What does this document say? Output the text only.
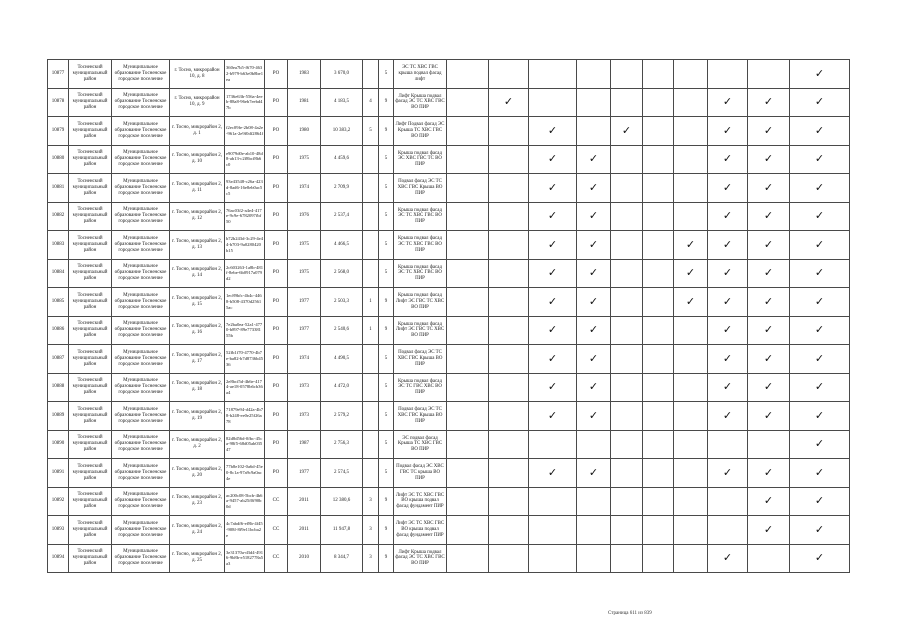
10877	Тосненский муниципальный район	Муниципальное образование Тосненское городское поселение	г. Тосно, микрорайон 10, д. 8	360ea7b5-f670-4632-b979-b63e0b8be1ea	РО	1983	3 670,0		5	ЭС ТС ХВС ГВС крыша подвал фасад лифт										✓
10878	Тосненский муниципальный район	Муниципальное образование Тосненское городское поселение	г. Тосно, микрорайон 10, д. 9	1736e63b-556a-4eeb-88a8-96eb7eebd47b	РО	1981	4 183,5	4	9	Лифт Крыша подвал фасад ЭС ТС ХВС ГВС ВО ПИР		✓						✓	✓	✓
10879	Тосненский муниципальный район	Муниципальное образование Тосненское городское поселение	г. Тосно, микрорайон 2, д. 1	f2ec09fe-2b08-4a2e-961a-2e9f0df2864f	РО	1980	10 383,2	5	9	Лифт Подвал фасад ЭС Крыша ТС ХВС ГВС ВО ПИР			✓		✓			✓	✓	✓
10880	Тосненский муниципальный район	Муниципальное образование Тосненское городское поселение	г. Тосно, микрорайон 2, д. 10	e9079d0e-ab10-48d8-ab13-c2f8bcf8b6c0	РО	1975	4 459,6		5	Крыша подвал фасад ЭС ХВС ГВС ТС ВО ПИР			✓	✓				✓	✓	✓
10881	Тосненский муниципальный район	Муниципальное образование Тосненское городское поселение	г. Тосно, микрорайон 2, д. 11	93e43548-c26a-423d-8ad6-16e8eb0ac5c5	РО	1974	2 709,9		5	Подвал фасад ЭС ТС ХВС ГВС Крыша ВО ПИР			✓	✓				✓	✓	✓
10882	Тосненский муниципальный район	Муниципальное образование Тосненское городское поселение	г. Тосно, микрорайон 2, д. 12	76ac03f2-a4e4-417e-9c9e-6782097fbf50	РО	1976	2 537,4		5	Крыша подвал фасад ЭС ТС ХВС ГВС ВО ПИР			✓	✓				✓	✓	✓
10883	Тосненский муниципальный район	Муниципальное образование Тосненское городское поселение	г. Тосно, микрорайон 2, д. 13	b72b243d-3c29-4e44-b703-9a0280420b15	РО	1975	4 466,5		5	Крыша подвал фасад ЭС ТС ХВС ГВС ВО ПИР			✓	✓			✓	✓	✓	✓
10884	Тосненский муниципальный район	Муниципальное образование Тосненское городское поселение	г. Тосно, микрорайон 2, д. 14	2c603263-1a8b-481f-8ebe-6b0917a079d2	РО	1975	2 568,0		5	Крыша подвал фасад ЭС ТС ХВС ГВС ВО ПИР			✓	✓			✓	✓	✓	✓
10885	Тосненский муниципальный район	Муниципальное образование Тосненское городское поселение	г. Тосно, микрорайон 2, д. 15	1ec89bfc-4b4c-4468-b508-4370d25615ac	РО	1977	2 503,3	1	9	Крыша подвал фасад Лифт ЭС ГВС ТС ХВС ВО ПИР			✓	✓			✓	✓	✓	✓
10886	Тосненский муниципальный район	Муниципальное образование Тосненское городское поселение	г. Тосно, микрорайон 2, д. 16	7e2ba0ea-52a1-4770-b897-89e77338155b	РО	1977	2 540,6	1	9	Крыша подвал фасад Лифт ЭС ГВС ТС ХВС ВО ПИР			✓	✓				✓	✓	✓
10887	Тосненский муниципальный район	Муниципальное образование Тосненское городское поселение	г. Тосно, микрорайон 2, д. 17	52fb1f70-4770-4b7e-ba82-b7d8736b4536	РО	1974	4 490,5		5	Подвал фасад ЭС ТС ХВС ГВС Крыша ВО ПИР			✓	✓				✓	✓	✓
10888	Тосненский муниципальный район	Муниципальное образование Тосненское городское поселение	г. Тосно, микрорайон 2, д. 18	2e8bcf5d-4b6e-4174-ae18-0578b6cb36a4	РО	1973	4 472,0		5	Крыша подвал фасад ЭС ТС ГВС ХВС ВО ПИР			✓	✓				✓	✓	✓
10889	Тосненский муниципальный район	Муниципальное образование Тосненское городское поселение	г. Тосно, микрорайон 2, д. 19	71879e94-d42a-4b78-b248-ee0e25f26a78	РО	1973	2 579,2		5	Подвал фасад ЭС ТС ХВС ГВС Крыша ВО ПИР			✓	✓				✓	✓	✓
10890	Тосненский муниципальный район	Муниципальное образование Тосненское городское поселение	г. Тосно, микрорайон 2, д. 2	82d8d56d-0fbc-45ca-98f5-68d05ab03547	РО	1987	2 756,3		5	ЭС подвал фасад Крыша ТС ХВС ГВС ВО ПИР										✓
10891	Тосненский муниципальный район	Муниципальное образование Тосненское городское поселение	г. Тосно, микрорайон 2, д. 20	77b8e102-0a6d-45e0-8c1a-97a9c9a0ac4e	РО	1977	2 574,5		5	Подвал фасад ЭС ХВС ГВС ТС крыша ВО ПИР			✓	✓				✓	✓	✓
10892	Тосненский муниципальный район	Муниципальное образование Тосненское городское поселение	г. Тосно, микрорайон 2, д. 23	ac200c08-5bcb-4b6a-9457-ab25f0f90b0d	СС	2011	12 380,6	3	9	Лифт ЭС ТС ХВС ГВС ВО крыша подвал фасад фундамент ПИР									✓	✓
10893	Тосненский муниципальный район	Муниципальное образование Тосненское городское поселение	г. Тосно, микрорайон 2, д. 24	4c7abdf6-ef8b-4f45-908f-8f9e11bcba2e	СС	2011	11 947,8	3	9	Лифт ЭС ТС ХВС ГВС ВО крыша подвал фасад фундамент ПИР									✓	✓
10894	Тосненский муниципальный район	Муниципальное образование Тосненское городское поселение	г. Тосно, микрорайон 2, д. 25	3e31370a-d3d4-4916-9b8b-e5182778a5a3	СС	2010	8 344,7	3	9	Лифт Крыша подвал фасад ЭС ТС ХВС ГВС ВО ПИР								✓		✓
Страница 611 из 839
